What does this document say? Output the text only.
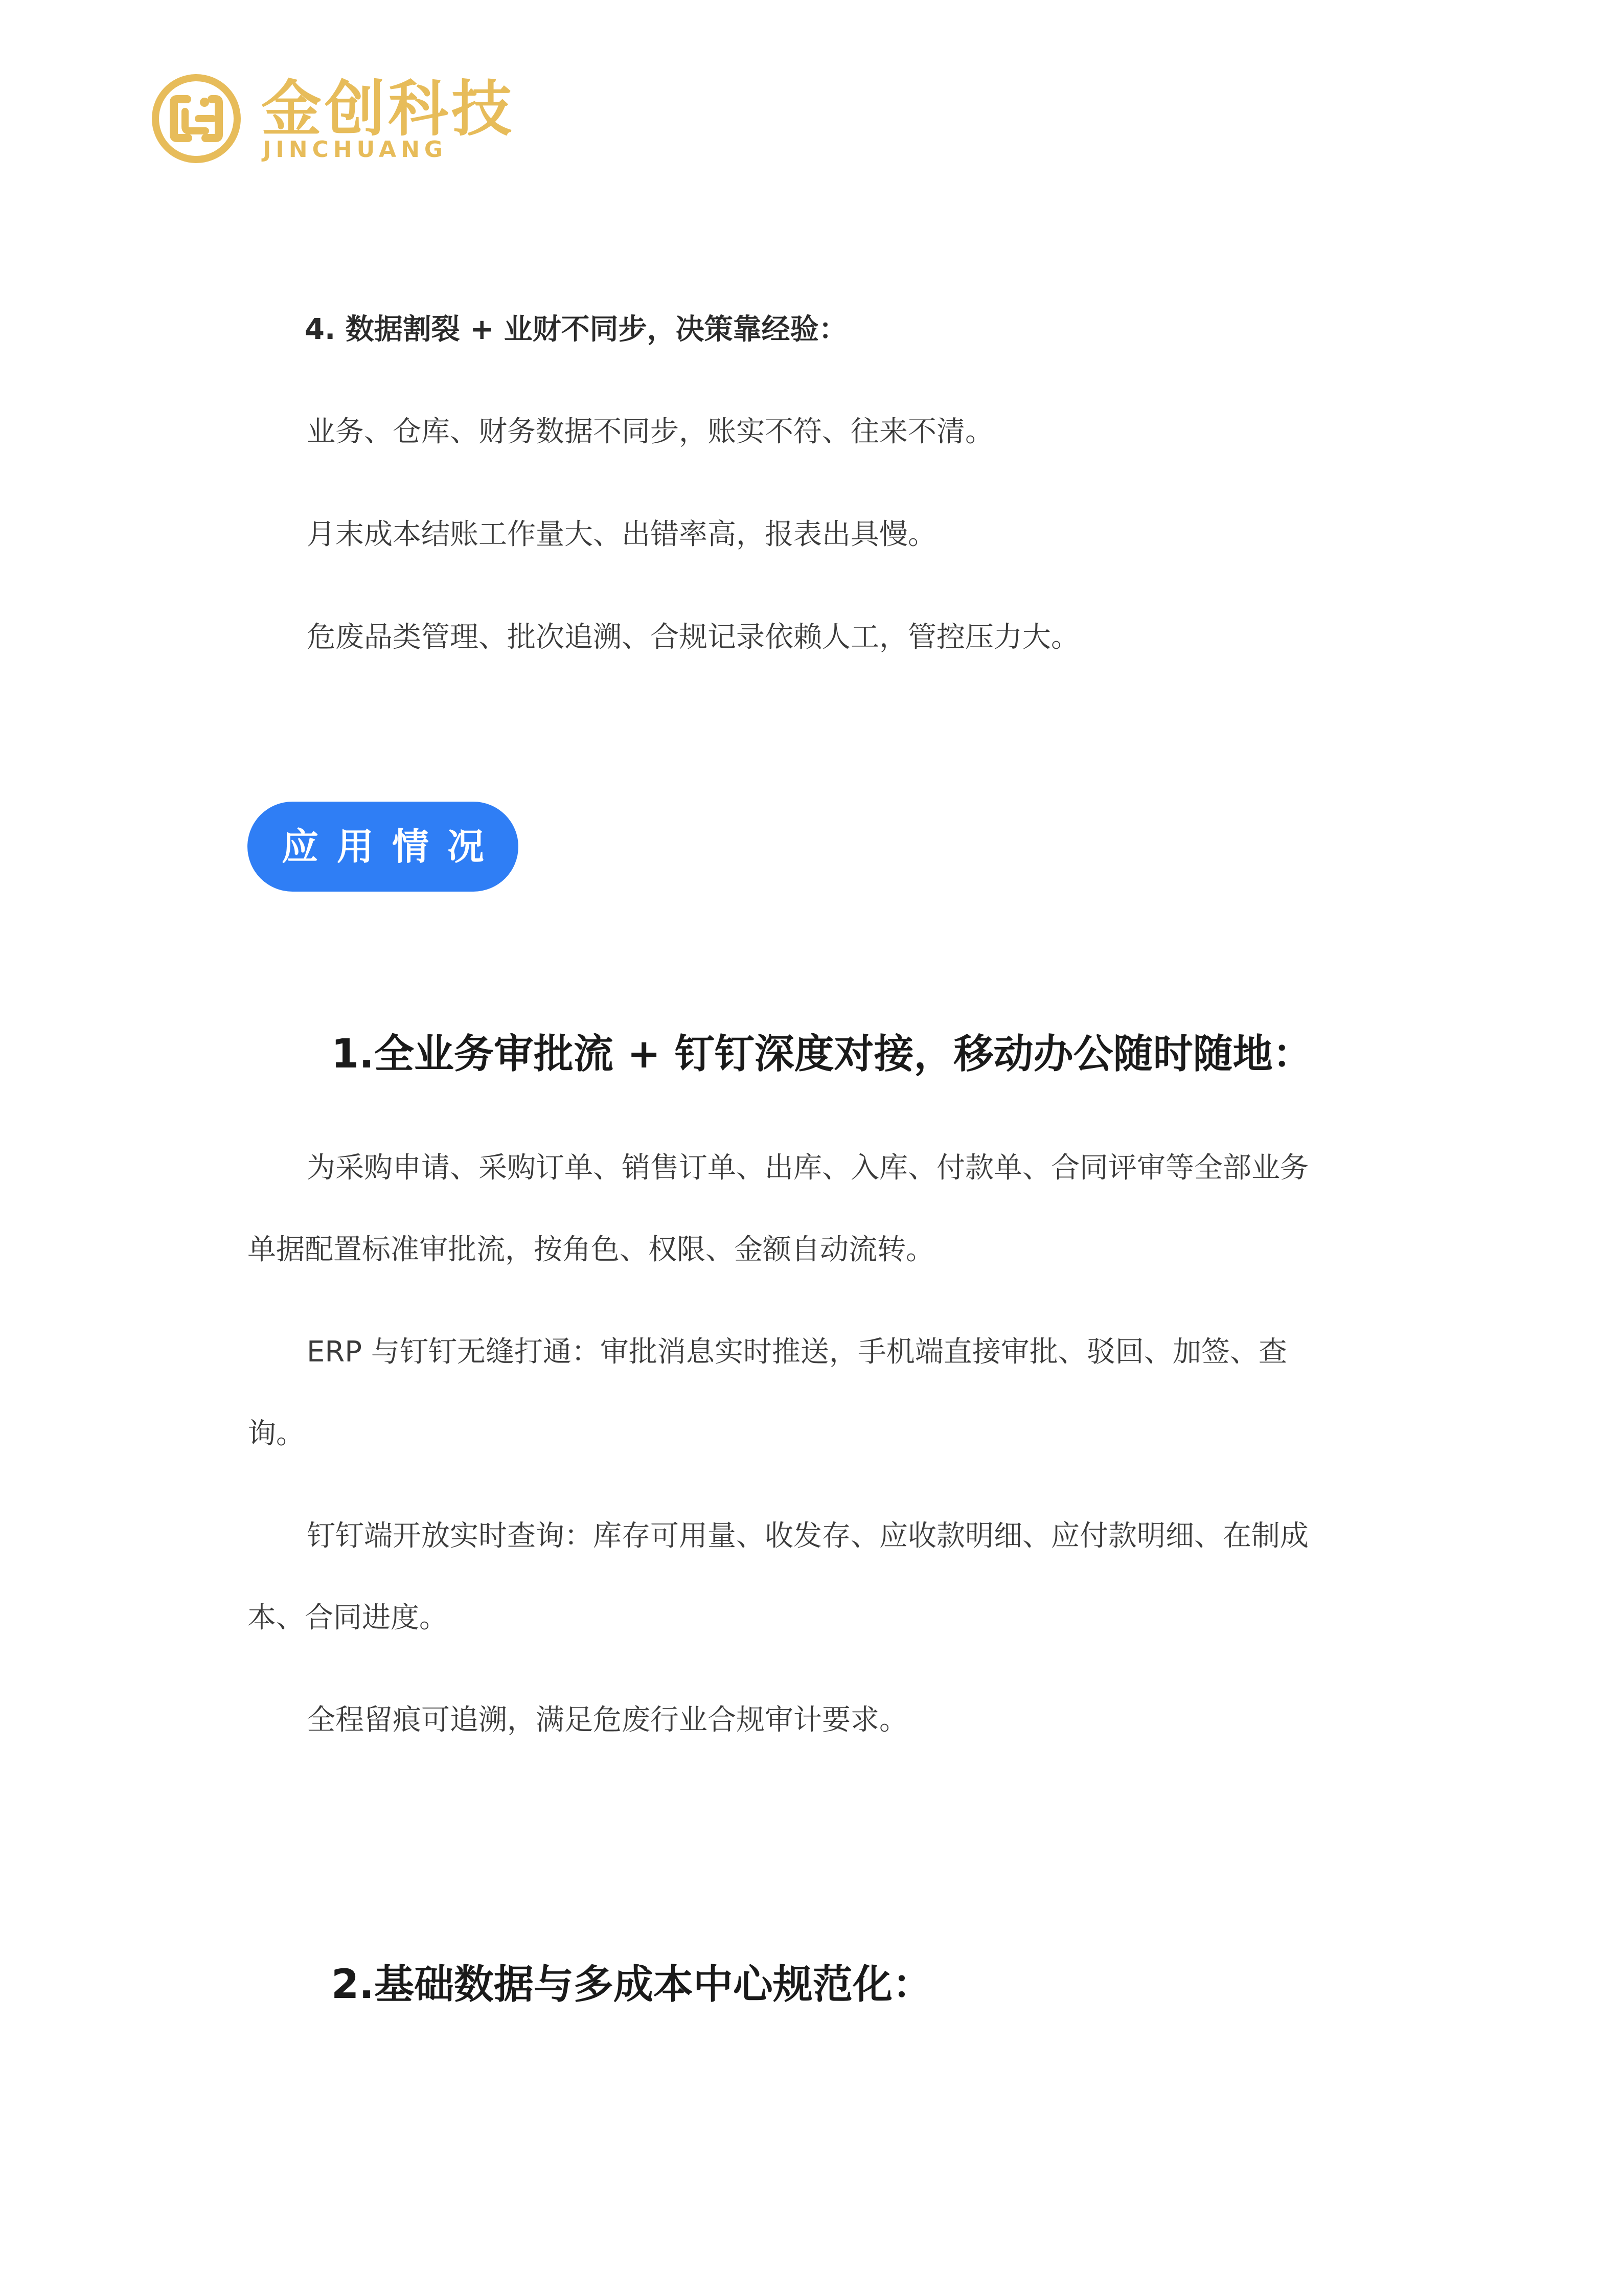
金创科技
JINCHUANG
4. 数据割裂 + 业财不同步，决策靠经验：
业务、仓库、财务数据不同步，账实不符、往来不清。
月末成本结账工作量大、出错率高，报表出具慢。
危废品类管理、批次追溯、合规记录依赖人工，管控压力大。
应用情况
1.全业务审批流 + 钉钉深度对接，移动办公随时随地：
为采购申请、采购订单、销售订单、出库、入库、付款单、合同评审等全部业务
单据配置标准审批流，按角色、权限、金额自动流转。
ERP 与钉钉无缝打通：审批消息实时推送，手机端直接审批、驳回、加签、查
询。
钉钉端开放实时查询：库存可用量、收发存、应收款明细、应付款明细、在制成
本、合同进度。
全程留痕可追溯，满足危废行业合规审计要求。
2.基础数据与多成本中心规范化：
